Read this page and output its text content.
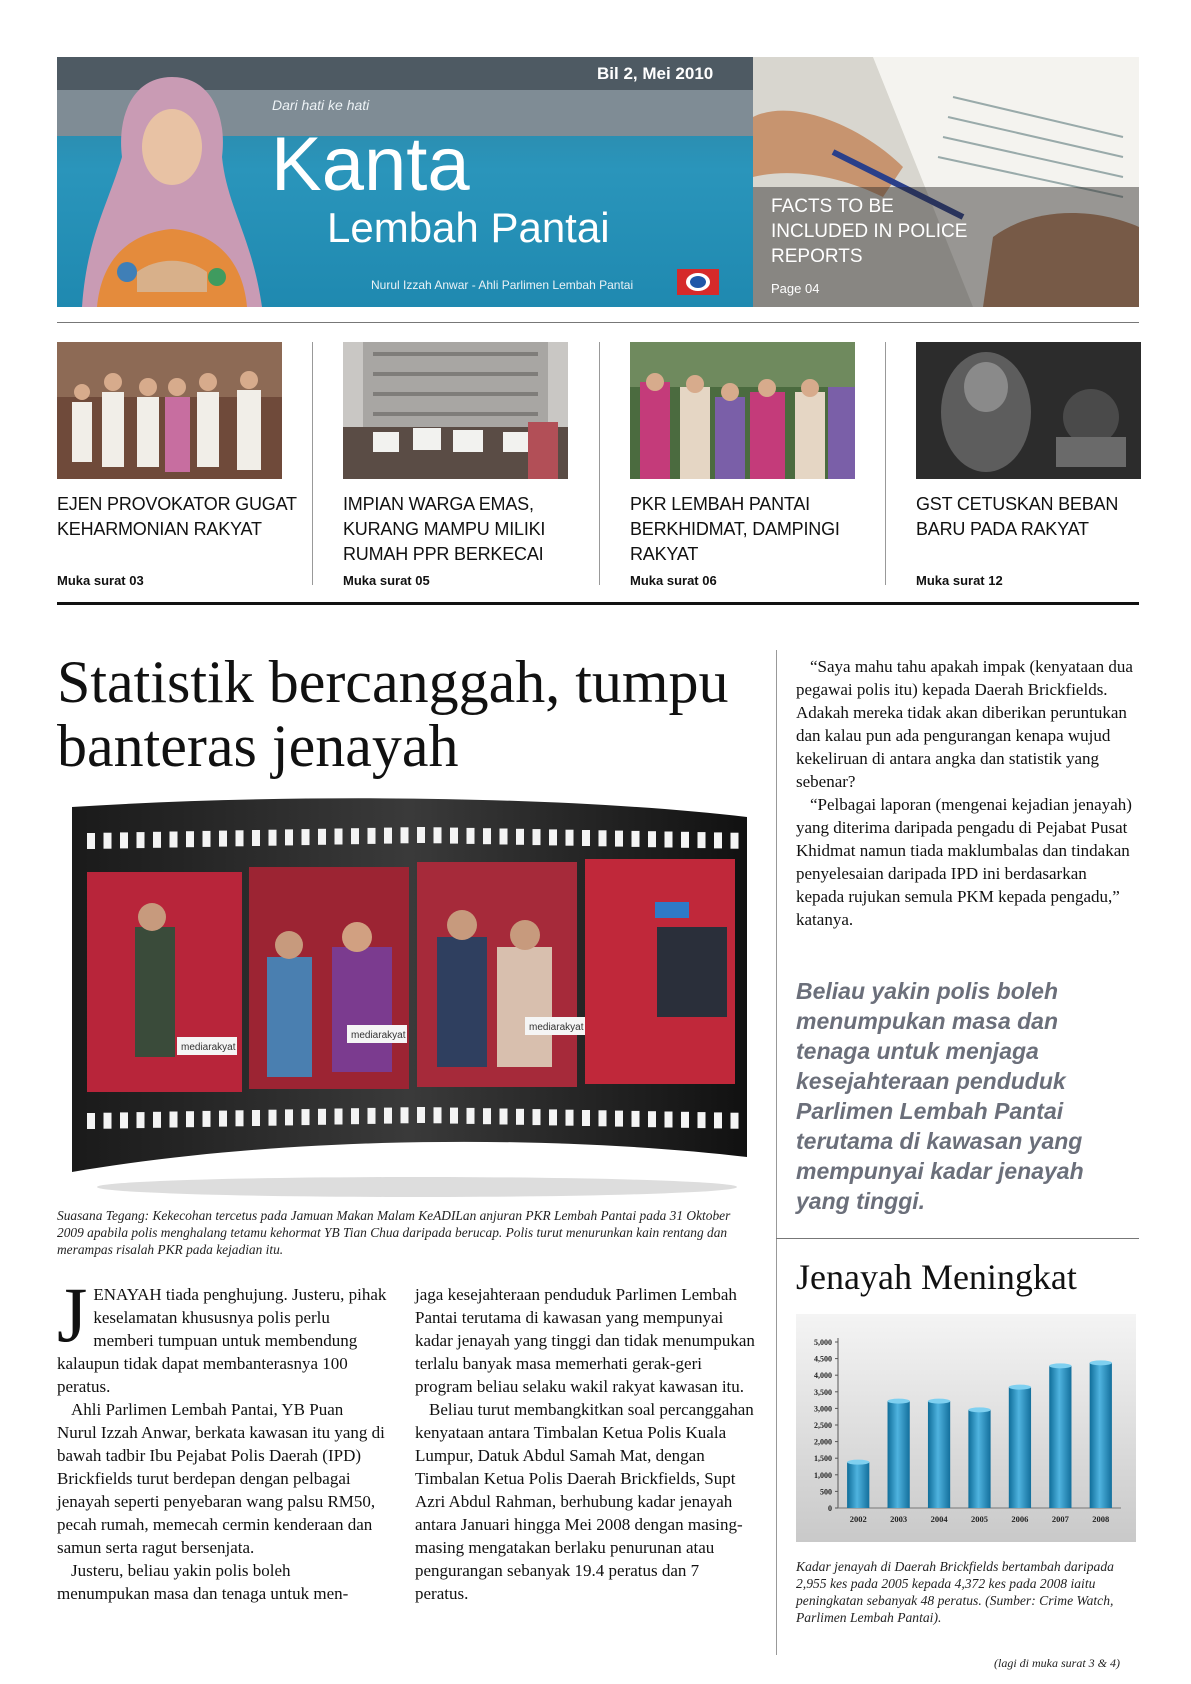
Bil 2, Mei 2010
Dari hati ke hati
Kanta
Lembah Pantai
Nurul Izzah Anwar - Ahli Parlimen Lembah Pantai
FACTS TO BE INCLUDED IN POLICE REPORTS
Page 04
EJEN PROVOKATOR GUGAT KEHARMONIAN RAKYAT
IMPIAN WARGA EMAS, KURANG MAMPU MILIKI RUMAH PPR BERKECAI
PKR LEMBAH PANTAI BERKHIDMAT, DAMPINGI RAKYAT
GST CETUSKAN BEBAN BARU PADA RAKYAT
Muka surat 03	Muka surat 05	Muka surat 06	Muka surat 12
Statistik bercanggah, tumpu banteras jenayah
mediarakyat
mediarakyat
mediarakyat
Suasana Tegang: Kekecohan tercetus pada Jamuan Makan Malam KeADILan anjuran PKR Lembah Pantai pada 31 Oktober 2009 apabila polis menghalang tetamu kehormat YB Tian Chua daripada berucap. Polis turut menurunkan kain rentang dan merampas risalah PKR pada kejadian itu.

JENAYAH tiada penghujung. Justeru, pihak keselamatan khususnya polis perlu memberi tumpuan untuk membendung kalaupun tidak dapat membanterasnya 100 peratus.

Ahli Parlimen Lembah Pantai, YB Puan Nurul Izzah Anwar, berkata kawasan itu yang di bawah tadbir Ibu Pejabat Polis Daerah (IPD) Brickfields turut berdepan dengan pelbagai jenayah seperti penyebaran wang palsu RM50, pecah rumah, memecah cermin kenderaan dan samun serta ragut bersenjata.

Justeru, beliau yakin polis boleh menumpukan masa dan tenaga untuk men-

jaga kesejahteraan penduduk Parlimen Lembah Pantai terutama di kawasan yang mempunyai kadar jenayah yang tinggi dan tidak menumpukan terlalu banyak masa memerhati gerak-geri program beliau selaku wakil rakyat kawasan itu.

Beliau turut membangkitkan soal percanggahan kenyataan antara Timbalan Ketua Polis Kuala Lumpur, Datuk Abdul Samah Mat, dengan Timbalan Ketua Polis Daerah Brickfields, Supt Azri Abdul Rahman, berhubung kadar jenayah antara Januari hingga Mei 2008 dengan masing-masing mengatakan berlaku penurunan atau pengurangan sebanyak 19.4 peratus dan 7 peratus.

“Saya mahu tahu apakah impak (kenyataan dua pegawai polis itu) kepada Daerah Brickfields. Adakah mereka tidak akan diberikan peruntukan dan kalau pun ada pengurangan kenapa wujud kekeliruan di antara angka dan statistik yang sebenar?

“Pelbagai laporan (mengenai kejadian jenayah) yang diterima daripada pengadu di Pejabat Pusat Khidmat namun tiada maklumbalas dan tindakan penyelesaian daripada IPD ini berdasarkan kepada rujukan semula PKM kepada pengadu,” katanya.

Beliau yakin polis boleh menumpukan masa dan tenaga untuk menjaga kesejahteraan penduduk Parlimen Lembah Pantai terutama di kawasan yang mempunyai kadar jenayah yang tinggi.
Jenayah Meningkat
0
500
1,000
1,500
2,000
2,500
3,000
3,500
4,000
4,500
5,000
2002	2003	2004	2005	2006	2007	2008
Kadar jenayah di Daerah Brickfields bertambah daripada 2,955 kes pada 2005 kepada 4,372 kes pada 2008 iaitu peningkatan sebanyak 48 peratus. (Sumber: Crime Watch, Parlimen Lembah Pantai).
(lagi di muka surat 3 & 4)
